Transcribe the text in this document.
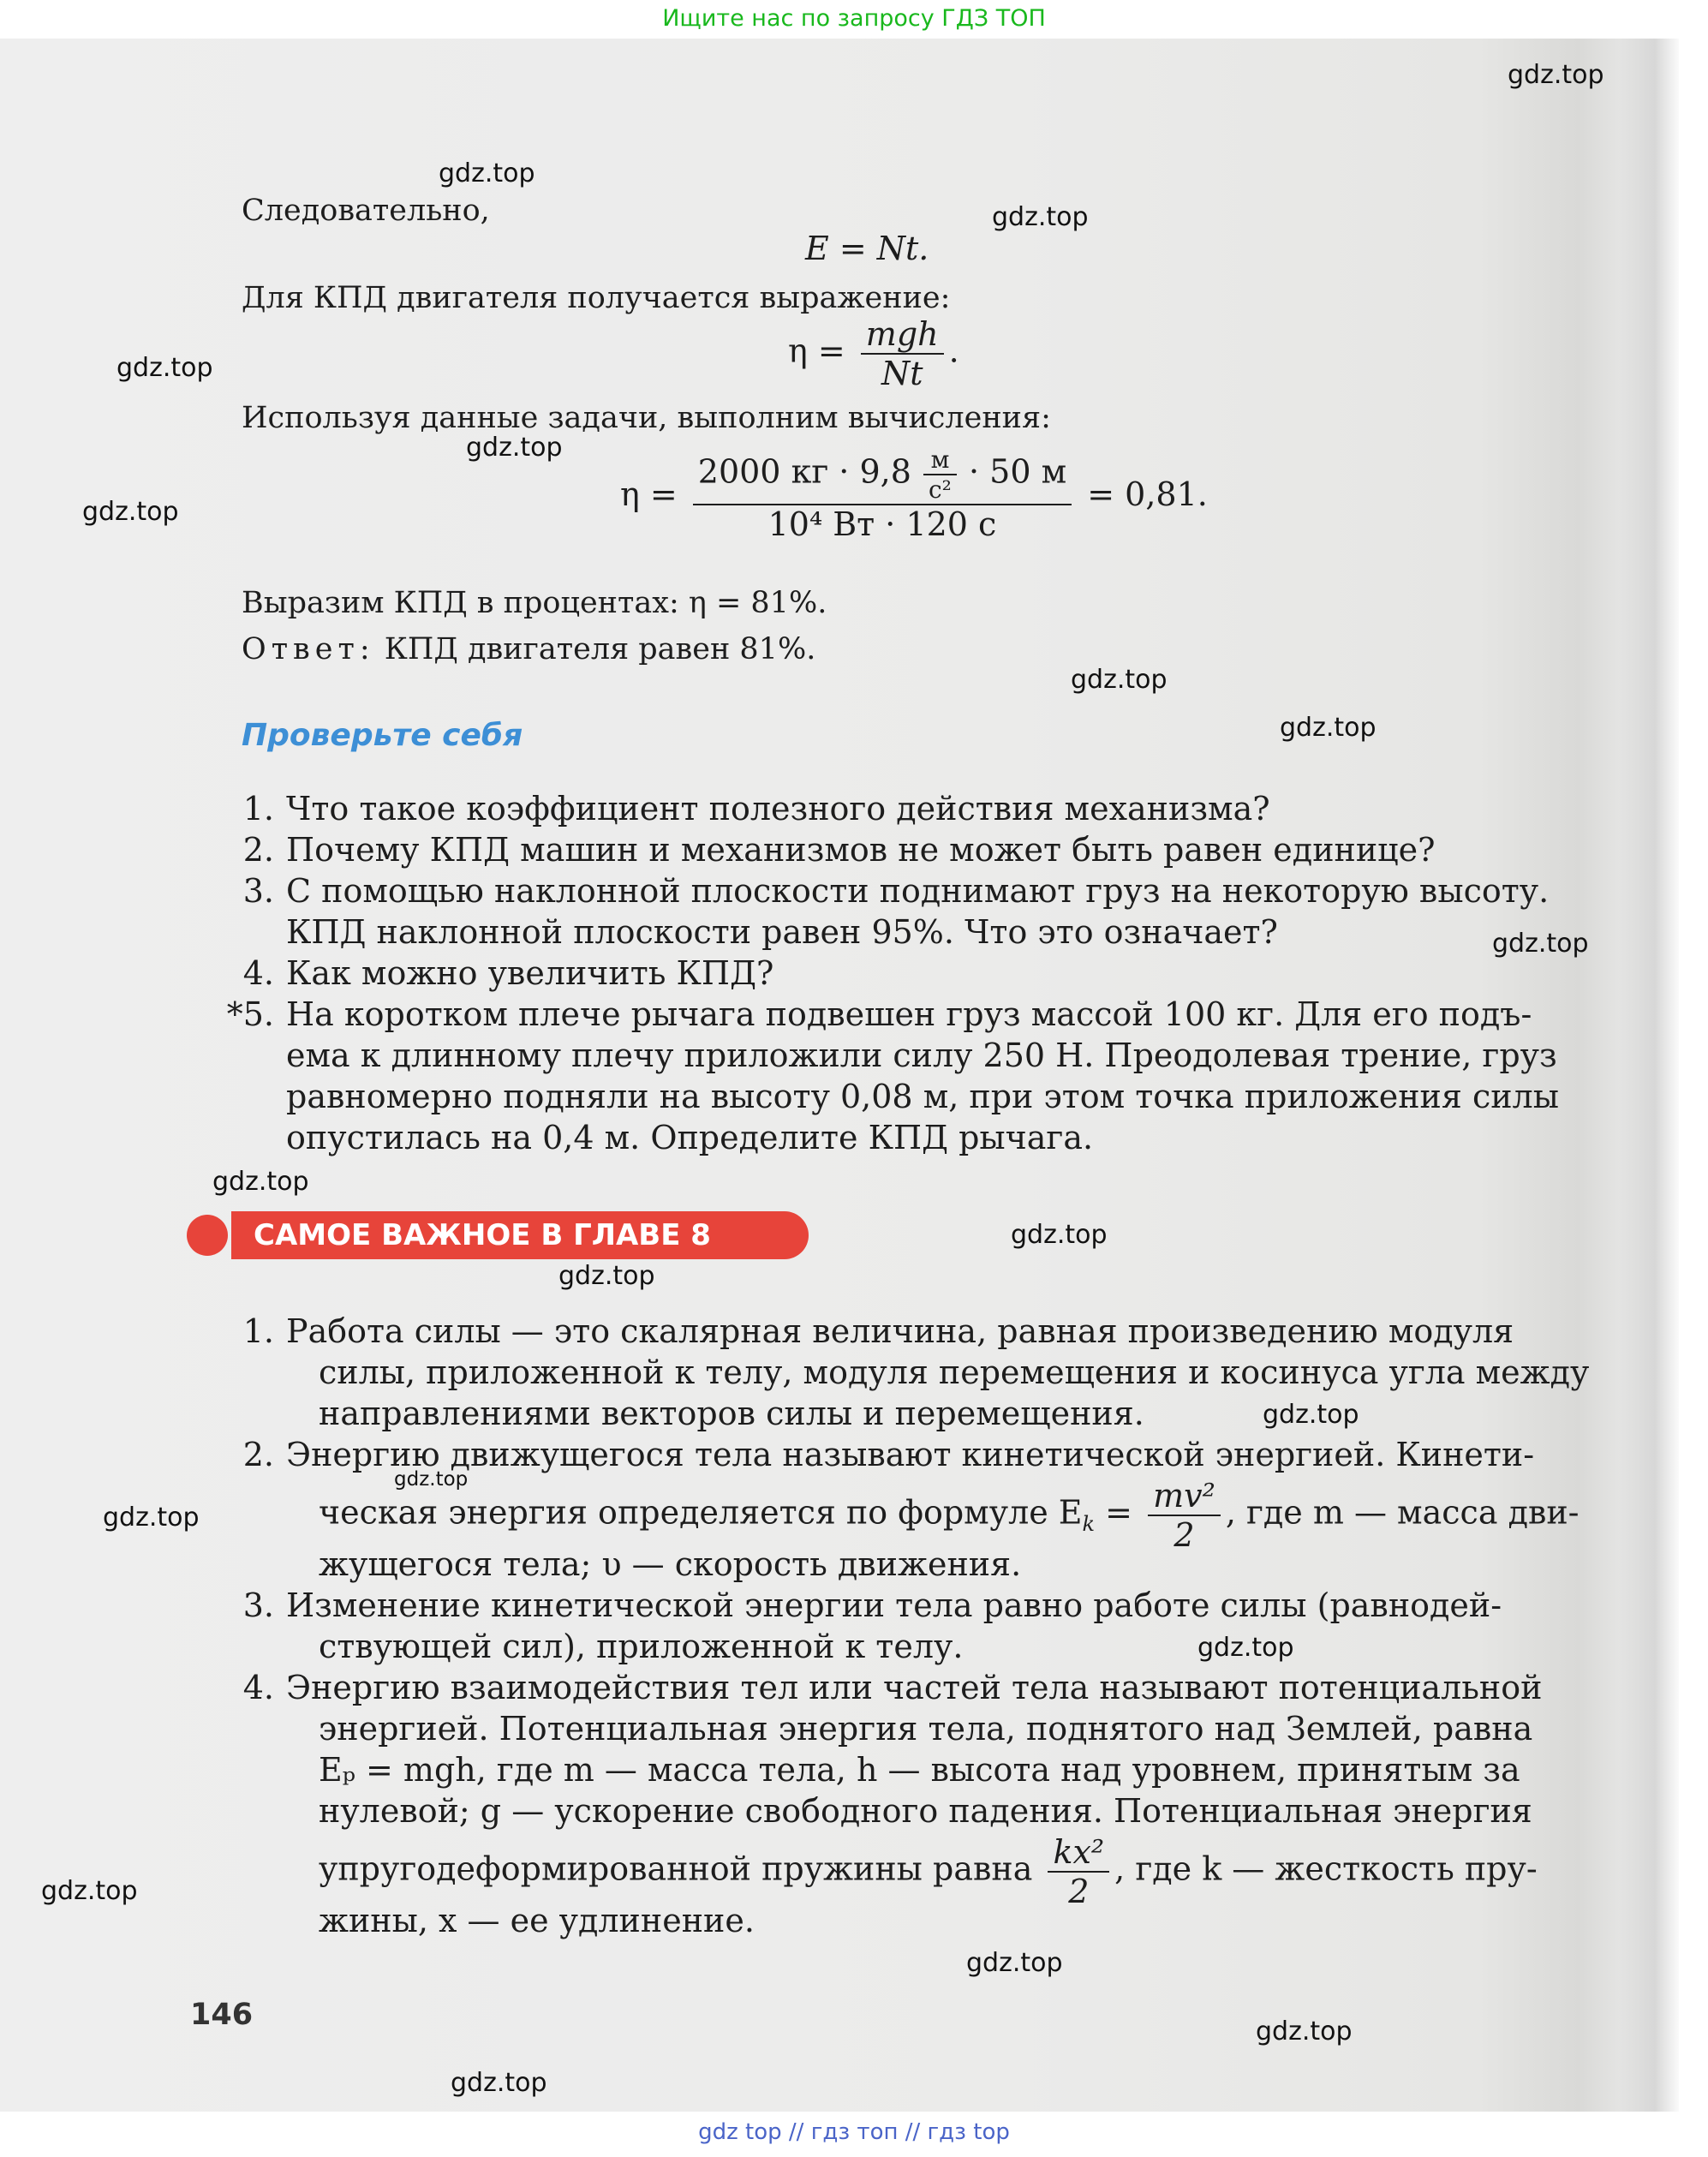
Ищите нас по запросу ГДЗ ТОП
Следовательно,
E = Nt.
Для КПД двигателя получается выражение:
$\eta = \frac{\text{mgh}}{Nt}$ .
Используя данные задачи, выполним вычисления:
η =
2000 кг · $9,8 \frac{м}{\text{с²}} \cdot 50$ м
10⁴ Вт · 120 с
= 0,81.
Выразим КПД в процентах: η = 81%.
Ответ: КПД двигателя равен 81%.
Проверьте себя
1. Что такое коэффициент полезного действия механизма?
2. Почему КПД машин и механизмов не может быть равен единице?
3. С помощью наклонной плоскости поднимают груз на некоторую высоту.
КПД наклонной плоскости равен 95%. Что это означает?
4. Как можно увеличить КПД?
*5. На коротком плече рычага подвешен груз массой 100 кг. Для его подъ-
ема к длинному плечу приложили силу 250 Н. Преодолевая трение, груз
равномерно подняли на высоту 0,08 м, при этом точка приложения силы
опустилась на 0,4 м. Определите КПД рычага.
САМОЕ ВАЖНОЕ В ГЛАВЕ 8
1. Работа силы — это скалярная величина, равная произведению модуля
силы, приложенной к телу, модуля перемещения и косинуса угла между
направлениями векторов силы и перемещения.
2. Энергию движущегося тела называют кинетической энергией. Кинети-
ческая энергия определяется по формуле $E_k = \frac{\text{mv²}}{2}$ , где m — масса дви-
жущегося тела; υ — скорость движения.
3. Изменение кинетической энергии тела равно работе силы (равнодей-
ствующей сил), приложенной к телу.
4. Энергию взаимодействия тел или частей тела называют потенциальной
энергией. Потенциальная энергия тела, поднятого над Землей, равна
Eₚ = mgh, где m — масса тела, h — высота над уровнем, принятым за
нулевой; g — ускорение свободного падения. Потенциальная энергия
упругодеформированной пружины равна $\frac{\text{kx²}}{2}$ , где k — жесткость пру-
жины, x — ее удлинение.
146
gdz.top
gdz.top
gdz.top
gdz.top
gdz.top
gdz.top
gdz.top
gdz.top
gdz.top
gdz.top
gdz.top
gdz.top
gdz.top
gdz.top
gdz.top
gdz.top
gdz.top
gdz.top
gdz.top
gdz.top
gdz top // гдз топ // гдз top
